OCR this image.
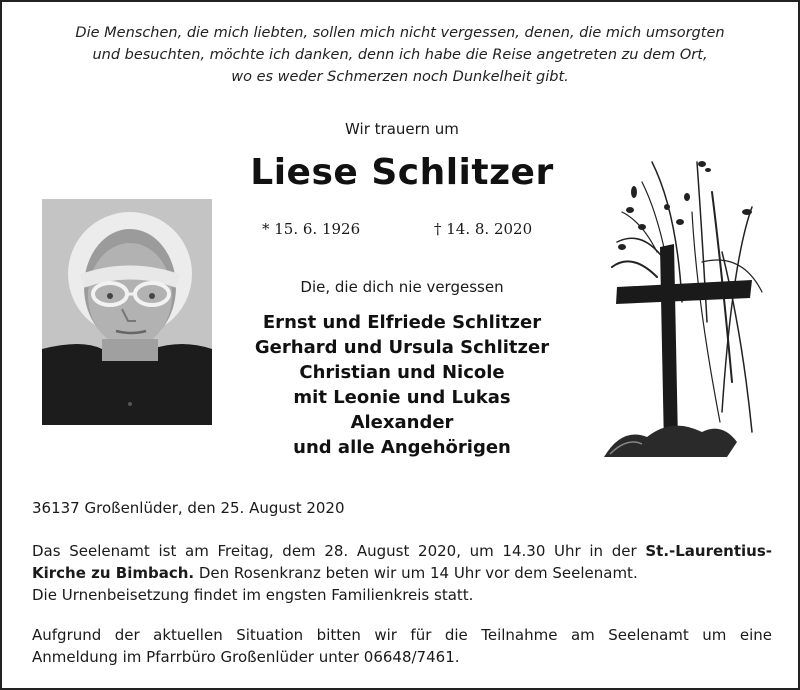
Die Menschen, die mich liebten, sollen mich nicht vergessen, denen, die mich umsorgten
und besuchten, möchte ich danken, denn ich habe die Reise angetreten zu dem Ort,
wo es weder Schmerzen noch Dunkelheit gibt.
Wir trauern um
Liese Schlitzer
* 15. 6. 1926	† 14. 8. 2020
Die, die dich nie vergessen
Ernst und Elfriede Schlitzer
Gerhard und Ursula Schlitzer
Christian und Nicole
mit Leonie und Lukas
Alexander
und alle Angehörigen
36137 Großenlüder, den 25. August 2020
Das Seelenamt ist am Freitag, dem 28. August 2020, um 14.30 Uhr in der St.-Laurentius-
Kirche zu Bimbach. Den Rosenkranz beten wir um 14 Uhr vor dem Seelenamt.
Die Urnenbeisetzung findet im engsten Familienkreis statt.
Aufgrund der aktuellen Situation bitten wir für die Teilnahme am Seelenamt um eine
Anmeldung im Pfarrbüro Großenlüder unter 06648/7461.
